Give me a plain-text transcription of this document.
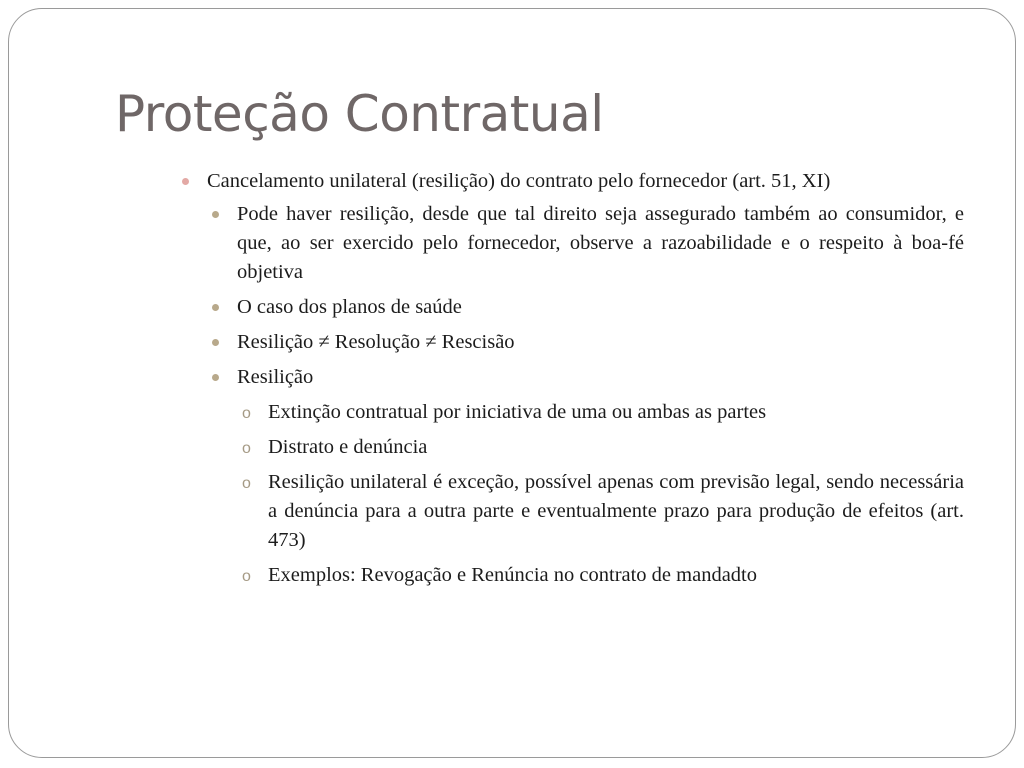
Proteção Contratual
Cancelamento unilateral (resilição) do contrato pelo fornecedor (art. 51, XI)
Pode haver resilição, desde que tal direito seja assegurado também ao consumidor, e que, ao ser exercido pelo fornecedor, observe a razoabilidade e o respeito à boa-fé objetiva
O caso dos planos de saúde
Resilição ≠ Resolução ≠ Rescisão
Resilição
o Extinção contratual por iniciativa de uma ou ambas as partes
o Distrato e denúncia
o Resilição unilateral é exceção, possível apenas com previsão legal, sendo necessária a denúncia para a outra parte e eventualmente prazo para produção de efeitos (art. 473)
o Exemplos: Revogação e Renúncia no contrato de mandadto
